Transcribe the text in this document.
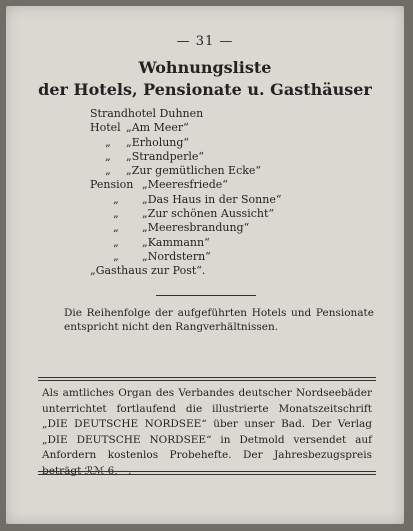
— 31 —
Wohnungsliste
der Hotels, Pensionate u. Gasthäuser
Strandhotel Duhnen
Hotel „Am Meer“
„	„Erholung“
„	„Strandperle“
„	„Zur gemütlichen Ecke“
Pension „Meeresfriede“
„	„Das Haus in der Sonne“
„	„Zur schönen Aussicht“
„	„Meeresbrandung“
„	„Kammann“
„	„Nordstern“
„Gasthaus zur Post“.
Die Reihenfolge der aufgeführten Hotels und Pensionate entspricht nicht den Rangverhältnissen.
Als amtliches Organ des Verbandes deutscher Nordseebäder unterrichtet fortlaufend die illustrierte Monatszeitschrift „DIE DEUTSCHE NORDSEE“ über unser Bad. Der Verlag „DIE DEUTSCHE NORDSEE“ in Detmold versendet auf Anfordern kostenlos Probehefte. Der Jahresbezugspreis beträgt ℛℳ 6,—.
